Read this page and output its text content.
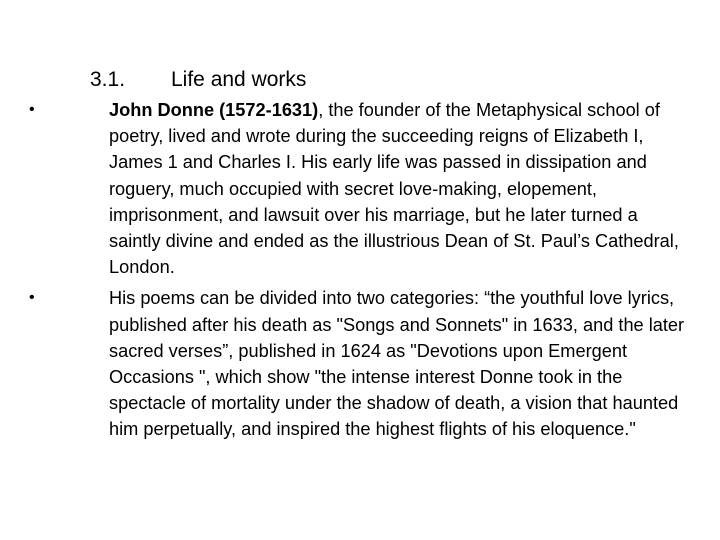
3.1. Life and works
•	John Donne (1572-1631), the founder of the Metaphysical school of poetry, lived and wrote during the succeeding reigns of Elizabeth I, James 1 and Charles I. His early life was passed in dissipation and roguery, much occupied with secret love-making, elopement, imprisonment, and lawsuit over his marriage, but he later turned a saintly divine and ended as the illustrious Dean of St. Paul’s Cathedral, London.
•	His poems can be divided into two categories: “the youthful love lyrics, published after his death as "Songs and Sonnets" in 1633, and the later sacred verses”, published in 1624 as "Devotions upon Emergent Occasions ", which show "the intense interest Donne took in the spectacle of mortality under the shadow of death, a vision that haunted him perpetually, and inspired the highest flights of his eloquence."
